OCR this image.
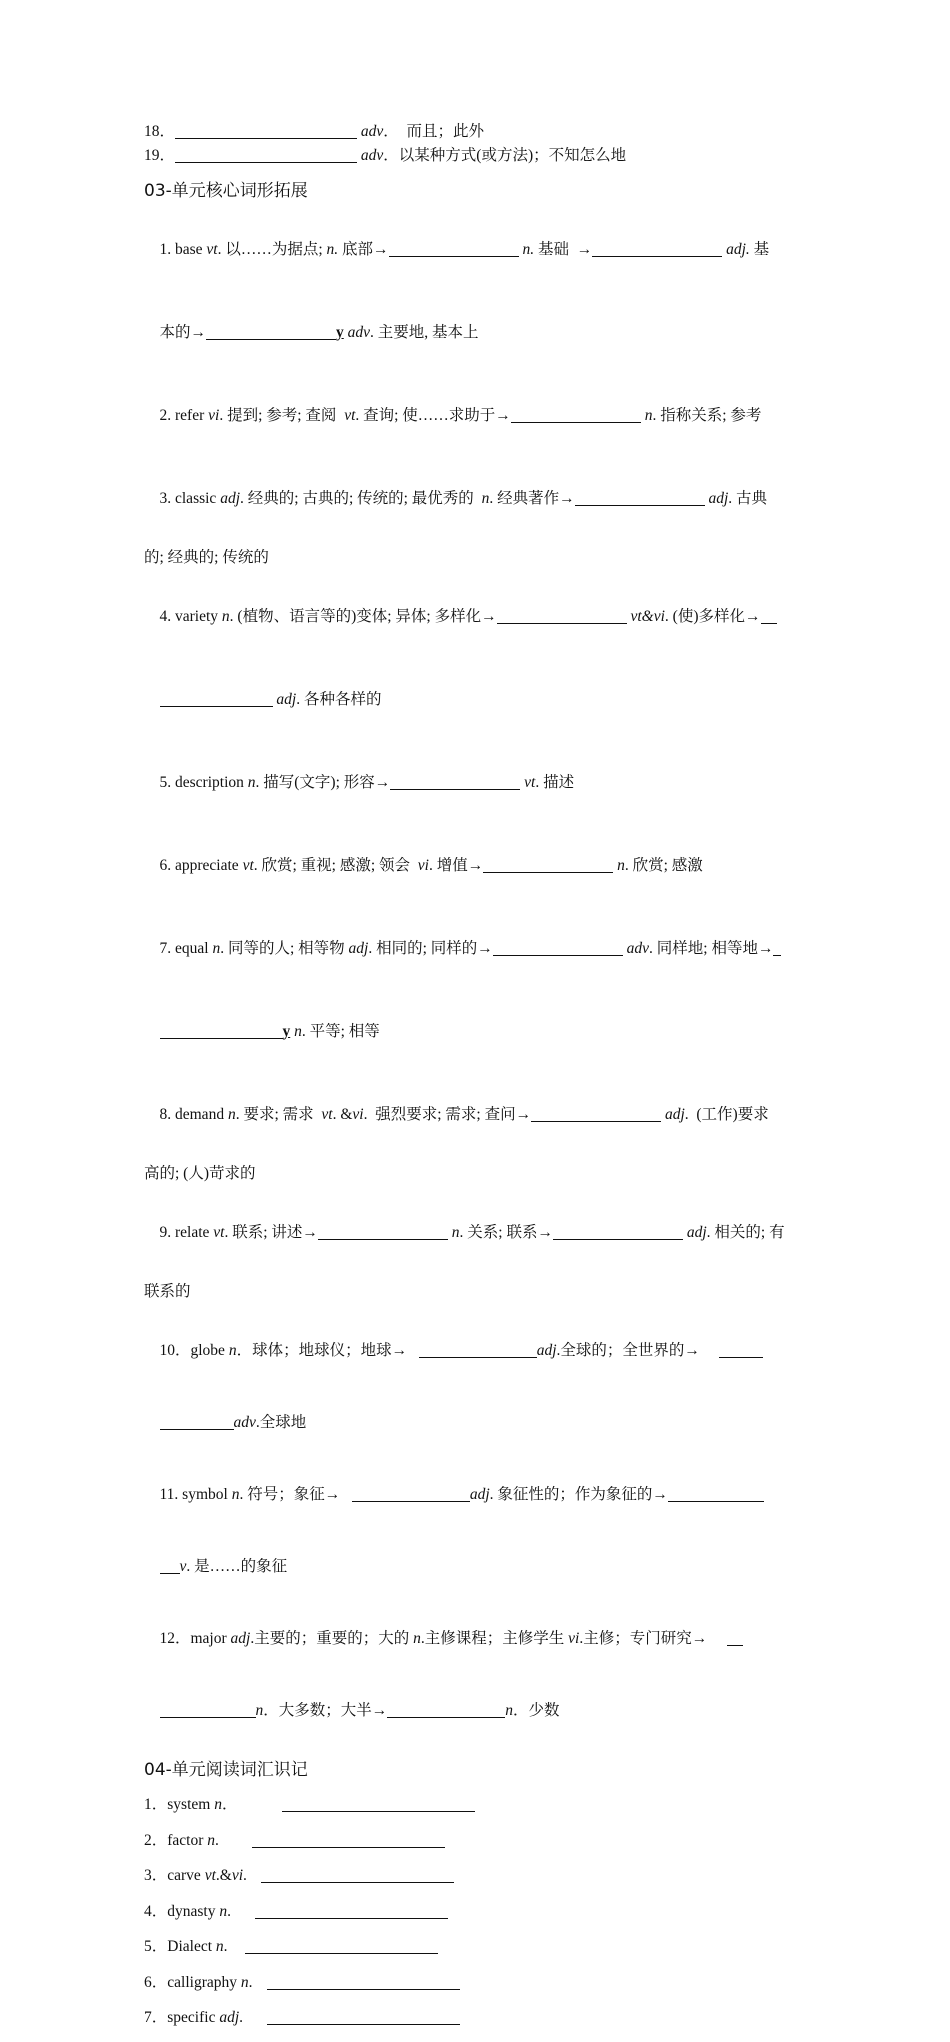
18．	adv．　而且；此外
19．	adv．以某种方式(或方法)；不知怎么地
03-单元核心词形拓展

1. base vt. 以……为据点; n. 底部→	n. 基础  →	adj. 基

本的→	y adv. 主要地, 基本上

2. refer vi. 提到; 参考; 查阅  vt. 查询; 使……求助于→	n. 指称关系; 参考

3. classic adj. 经典的; 古典的; 传统的; 最优秀的  n. 经典著作→	adj. 古典

的; 经典的; 传统的

4. variety n. (植物、语言等的)变体; 异体; 多样化→	vt&vi. (使)多样化→

adj. 各种各样的

5. description n. 描写(文字); 形容→	vt. 描述

6. appreciate vt. 欣赏; 重视; 感激; 领会  vi. 增值→	n. 欣赏; 感激

7. equal n. 同等的人; 相等物 adj. 相同的; 同样的→	adv. 同样地; 相等地→

y n. 平等; 相等

8. demand n. 要求; 需求  vt. &vi.  强烈要求; 需求; 查问→	adj.  (工作)要求

高的; (人)苛求的

9. relate vt. 联系; 讲述→	n. 关系; 联系→	adj. 相关的; 有

联系的

10．globe n．球体；地球仪；地球→	adj.全球的；全世界的→

adv.全球地

11. symbol n. 符号；象征→	adj. 象征性的；作为象征的→

v. 是……的象征

12．major adj.主要的；重要的；大的 n.主修课程；主修学生 vi.主修；专门研究→

n．大多数；大半→	n．少数

04-单元阅读词汇识记
1．system n．
2．factor n.
3．carve vt.&vi.
4．dynasty n.
5．Dialect n.
6．calligraphy n.
7．specific adj.
